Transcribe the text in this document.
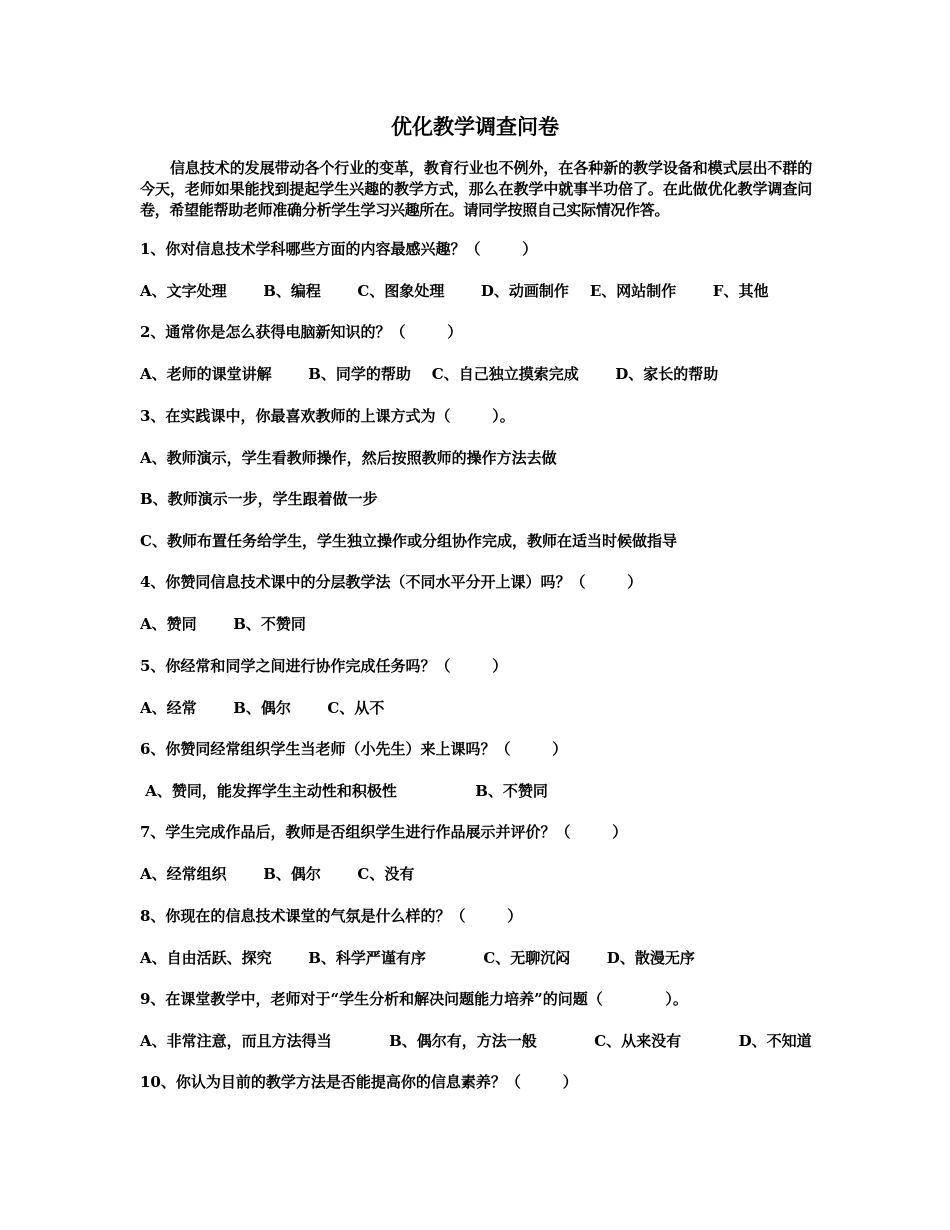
优化教学调查问卷
信息技术的发展带动各个行业的变革，教育行业也不例外，在各种新的教学设备和模式层出不群的今天，老师如果能找到提起学生兴趣的教学方式，那么在教学中就事半功倍了。在此做优化教学调查问卷，希望能帮助老师准确分析学生学习兴趣所在。请同学按照自己实际情况作答。
1、你对信息技术学科哪些方面的内容最感兴趣？（        ）
A、文字处理       B、编程       C、图象处理       D、动画制作    E、网站制作       F、其他
2、通常你是怎么获得电脑新知识的？（        ）
A、老师的课堂讲解       B、同学的帮助    C、自己独立摸索完成       D、家长的帮助
3、在实践课中，你最喜欢教师的上课方式为（        ）。
A、教师演示，学生看教师操作，然后按照教师的操作方法去做
B、教师演示一步，学生跟着做一步
C、教师布置任务给学生，学生独立操作或分组协作完成，教师在适当时候做指导
4、你赞同信息技术课中的分层教学法（不同水平分开上课）吗？（        ）
A、赞同       B、不赞同
5、你经常和同学之间进行协作完成任务吗？（        ）
A、经常       B、偶尔       C、从不
6、你赞同经常组织学生当老师（小先生）来上课吗？（        ）
A、赞同，能发挥学生主动性和积极性               B、不赞同
7、学生完成作品后，教师是否组织学生进行作品展示并评价？（        ）
A、经常组织       B、偶尔       C、没有
8、你现在的信息技术课堂的气氛是什么样的？（        ）
A、自由活跃、探究       B、科学严谨有序           C、无聊沉闷       D、散漫无序
9、在课堂教学中，老师对于“学生分析和解决问题能力培养”的问题（            ）。
A、非常注意，而且方法得当           B、偶尔有，方法一般           C、从来没有           D、不知道
10、你认为目前的教学方法是否能提高你的信息素养？（        ）
